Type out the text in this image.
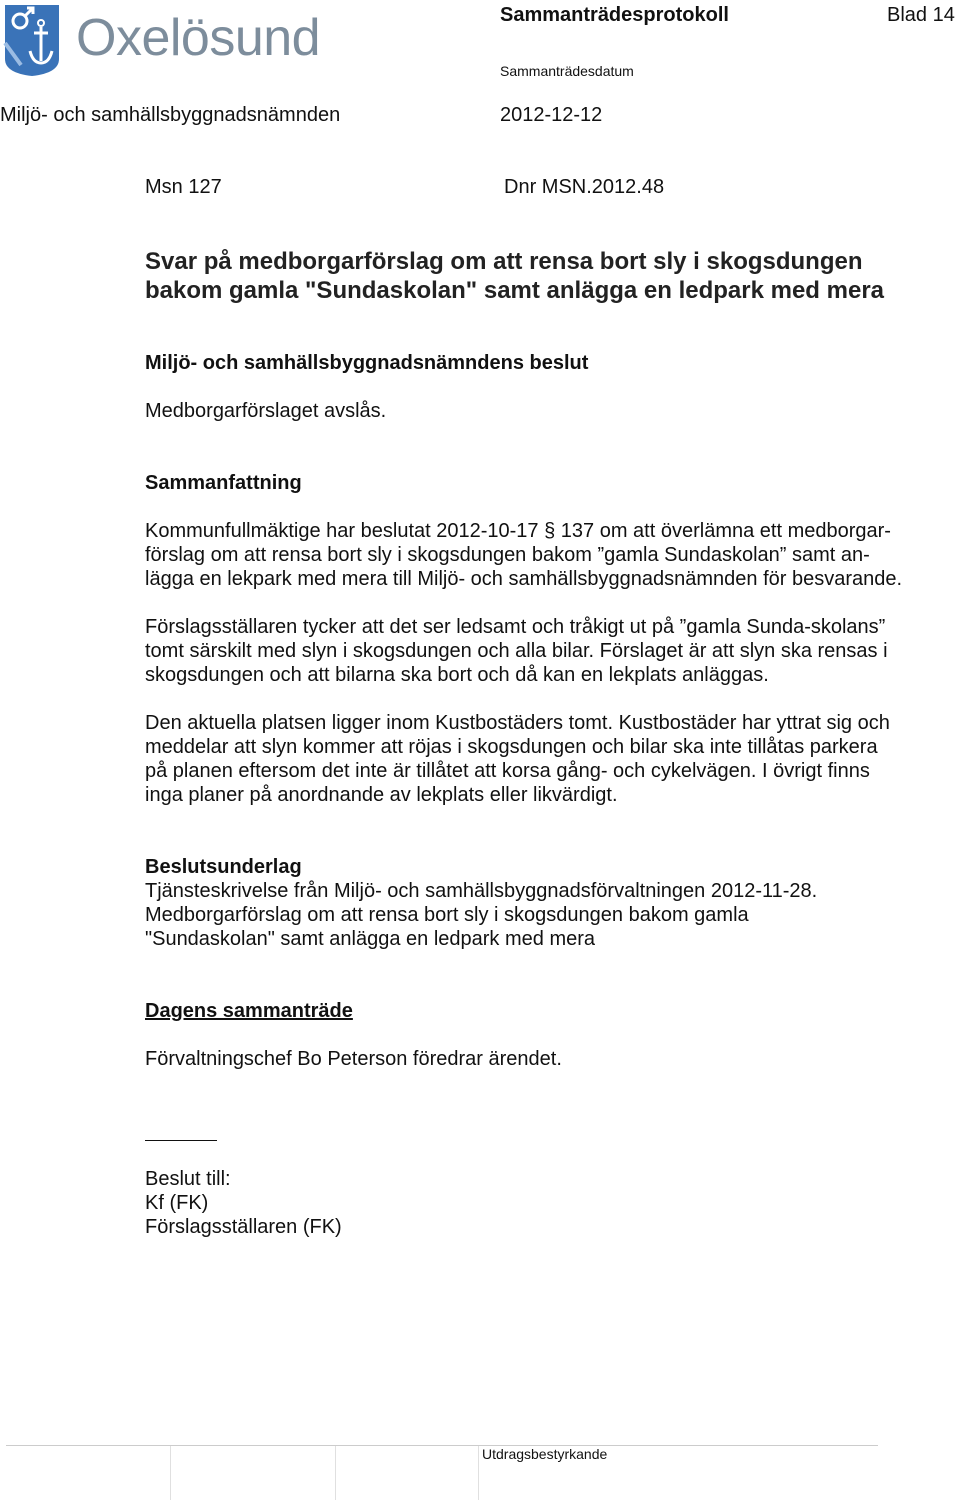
Oxelösund	Sammanträdesprotokoll	Blad 14
Sammanträdesdatum
Miljö- och samhällsbyggnadsnämnden	2012-12-12
Msn 127	Dnr MSN.2012.48
Svar på medborgarförslag om att rensa bort sly i skogsdungen
bakom gamla "Sundaskolan" samt anlägga en ledpark med mera
Miljö- och samhällsbyggnadsnämndens beslut
Medborgarförslaget avslås.
Sammanfattning
Kommunfullmäktige har beslutat 2012-10-17 § 137 om att överlämna ett medborgar-
förslag om att rensa bort sly i skogsdungen bakom ”gamla Sundaskolan” samt an-
lägga en lekpark med mera till Miljö- och samhällsbyggnadsnämnden för besvarande.
Förslagsställaren tycker att det ser ledsamt och tråkigt ut på ”gamla Sunda-skolans”
tomt särskilt med slyn i skogsdungen och alla bilar. Förslaget är att slyn ska rensas i
skogsdungen och att bilarna ska bort och då kan en lekplats anläggas.
Den aktuella platsen ligger inom Kustbostäders tomt. Kustbostäder har yttrat sig och
meddelar att slyn kommer att röjas i skogsdungen och bilar ska inte tillåtas parkera
på planen eftersom det inte är tillåtet att korsa gång- och cykelvägen. I övrigt finns
inga planer på anordnande av lekplats eller likvärdigt.
Beslutsunderlag
Tjänsteskrivelse från Miljö- och samhällsbyggnadsförvaltningen 2012-11-28.
Medborgarförslag om att rensa bort sly i skogsdungen bakom gamla
"Sundaskolan" samt anlägga en ledpark med mera
Dagens sammanträde
Förvaltningschef Bo Peterson föredrar ärendet.
Beslut till:
Kf (FK)
Förslagsställaren (FK)
Utdragsbestyrkande
